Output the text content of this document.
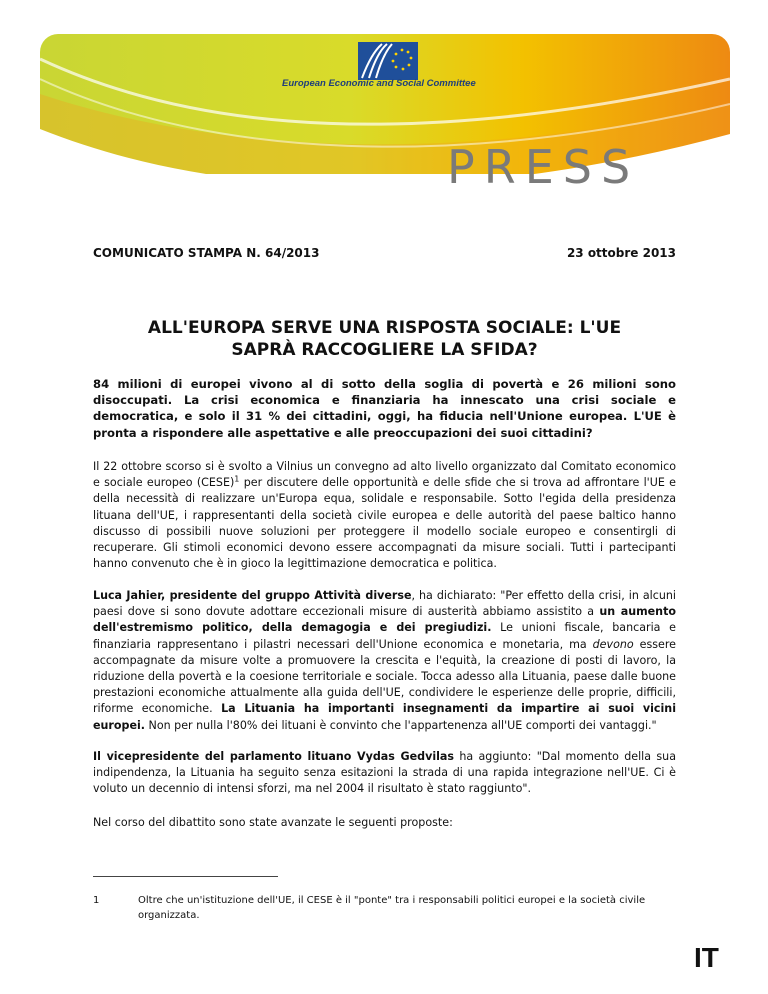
European Economic and Social Committee
PRESS
COMUNICATO STAMPA N. 64/2013	23 ottobre 2013
ALL'EUROPA SERVE UNA RISPOSTA SOCIALE: L'UE
SAPRÀ RACCOGLIERE LA SFIDA?
84 milioni di europei vivono al di sotto della soglia di povertà e 26 milioni sono disoccupati. La crisi economica e finanziaria ha innescato una crisi sociale e democratica, e solo il 31 % dei cittadini, oggi, ha fiducia nell'Unione europea. L'UE è pronta a rispondere alle aspettative e alle preoccupazioni dei suoi cittadini?
Il 22 ottobre scorso si è svolto a Vilnius un convegno ad alto livello organizzato dal Comitato economico e sociale europeo (CESE)$^1$ per discutere delle opportunità e delle sfide che si trova ad affrontare l'UE e della necessità di realizzare un'Europa equa, solidale e responsabile. Sotto l'egida della presidenza lituana dell'UE, i rappresentanti della società civile europea e delle autorità del paese baltico hanno discusso di possibili nuove soluzioni per proteggere il modello sociale europeo e consentirgli di recuperare. Gli stimoli economici devono essere accompagnati da misure sociali. Tutti i partecipanti hanno convenuto che è in gioco la legittimazione democratica e politica.
Luca Jahier, presidente del gruppo Attività diverse, ha dichiarato: "Per effetto della crisi, in alcuni paesi dove si sono dovute adottare eccezionali misure di austerità abbiamo assistito a un aumento dell'estremismo politico, della demagogia e dei pregiudizi. Le unioni fiscale, bancaria e finanziaria rappresentano i pilastri necessari dell'Unione economica e monetaria, ma devono essere accompagnate da misure volte a promuovere la crescita e l'equità, la creazione di posti di lavoro, la riduzione della povertà e la coesione territoriale e sociale. Tocca adesso alla Lituania, paese dalle buone prestazioni economiche attualmente alla guida dell'UE, condividere le esperienze delle proprie, difficili, riforme economiche. La Lituania ha importanti insegnamenti da impartire ai suoi vicini europei. Non per nulla l'80% dei lituani è convinto che l'appartenenza all'UE comporti dei vantaggi."
Il vicepresidente del parlamento lituano Vydas Gedvilas ha aggiunto: "Dal momento della sua indipendenza, la Lituania ha seguito senza esitazioni la strada di una rapida integrazione nell'UE. Ci è voluto un decennio di intensi sforzi, ma nel 2004 il risultato è stato raggiunto".
Nel corso del dibattito sono state avanzate le seguenti proposte:
1	Oltre che un'istituzione dell'UE, il CESE è il "ponte" tra i responsabili politici europei e la società civile organizzata.
IT
